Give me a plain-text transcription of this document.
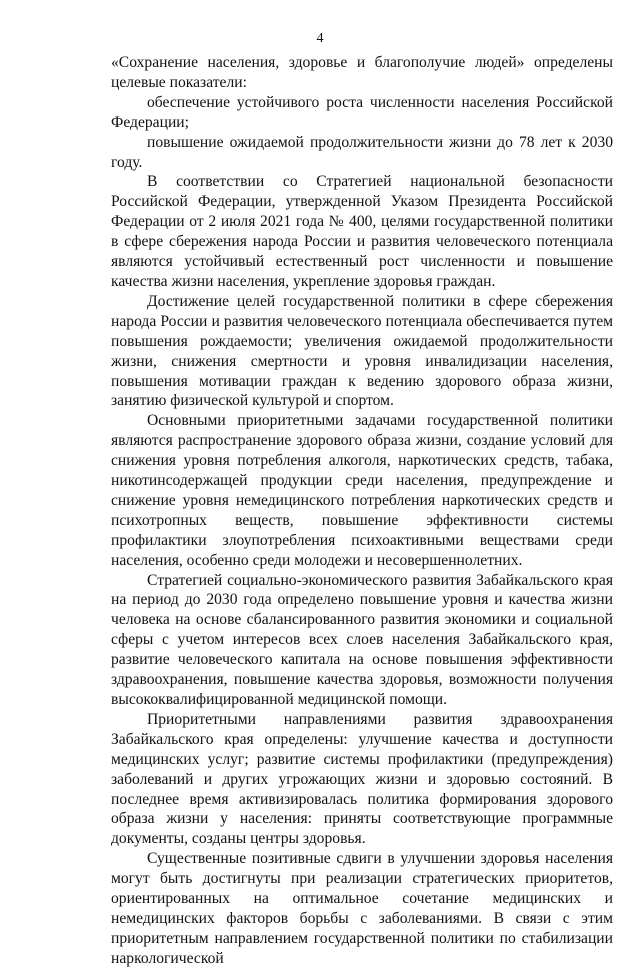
4

«Сохранение населения, здоровье и благополучие людей» определены целевые показатели:

обеспечение устойчивого роста численности населения Российской Федерации;

повышение ожидаемой продолжительности жизни до 78 лет к 2030 году.

В соответствии со Стратегией национальной безопасности Российской Федерации, утвержденной Указом Президента Российской Федерации от 2 июля 2021 года № 400, целями государственной политики в сфере сбережения народа России и развития человеческого потенциала являются устойчивый естественный рост численности и повышение качества жизни населения, укрепление здоровья граждан.

Достижение целей государственной политики в сфере сбережения народа России и развития человеческого потенциала обеспечивается путем повышения рождаемости; увеличения ожидаемой продолжительности жизни, снижения смертности и уровня инвалидизации населения, повышения мотивации граждан к ведению здорового образа жизни, занятию физической культурой и спортом.

Основными приоритетными задачами государственной политики являются распространение здорового образа жизни, создание условий для снижения уровня потребления алкоголя, наркотических средств, табака, никотинсодержащей продукции среди населения, предупреждение и снижение уровня немедицинского потребления наркотических средств и психотропных веществ, повышение эффективности системы профилактики злоупотребления психоактивными веществами среди населения, особенно среди молодежи и несовершеннолетних.

Стратегией социально-экономического развития Забайкальского края на период до 2030 года определено повышение уровня и качества жизни человека на основе сбалансированного развития экономики и социальной сферы с учетом интересов всех слоев населения Забайкальского края, развитие человеческого капитала на основе повышения эффективности здравоохранения, повышение качества здоровья, возможности получения высококвалифицированной медицинской помощи.

Приоритетными направлениями развития здравоохранения Забайкальского края определены: улучшение качества и доступности медицинских услуг; развитие системы профилактики (предупреждения) заболеваний и других угрожающих жизни и здоровью состояний. В последнее время активизировалась политика формирования здорового образа жизни у населения: приняты соответствующие программные документы, созданы центры здоровья.

Существенные позитивные сдвиги в улучшении здоровья населения могут быть достигнуты при реализации стратегических приоритетов, ориентированных на оптимальное сочетание медицинских и немедицинских факторов борьбы с заболеваниями. В связи с этим приоритетным направлением государственной политики по стабилизации наркологической
